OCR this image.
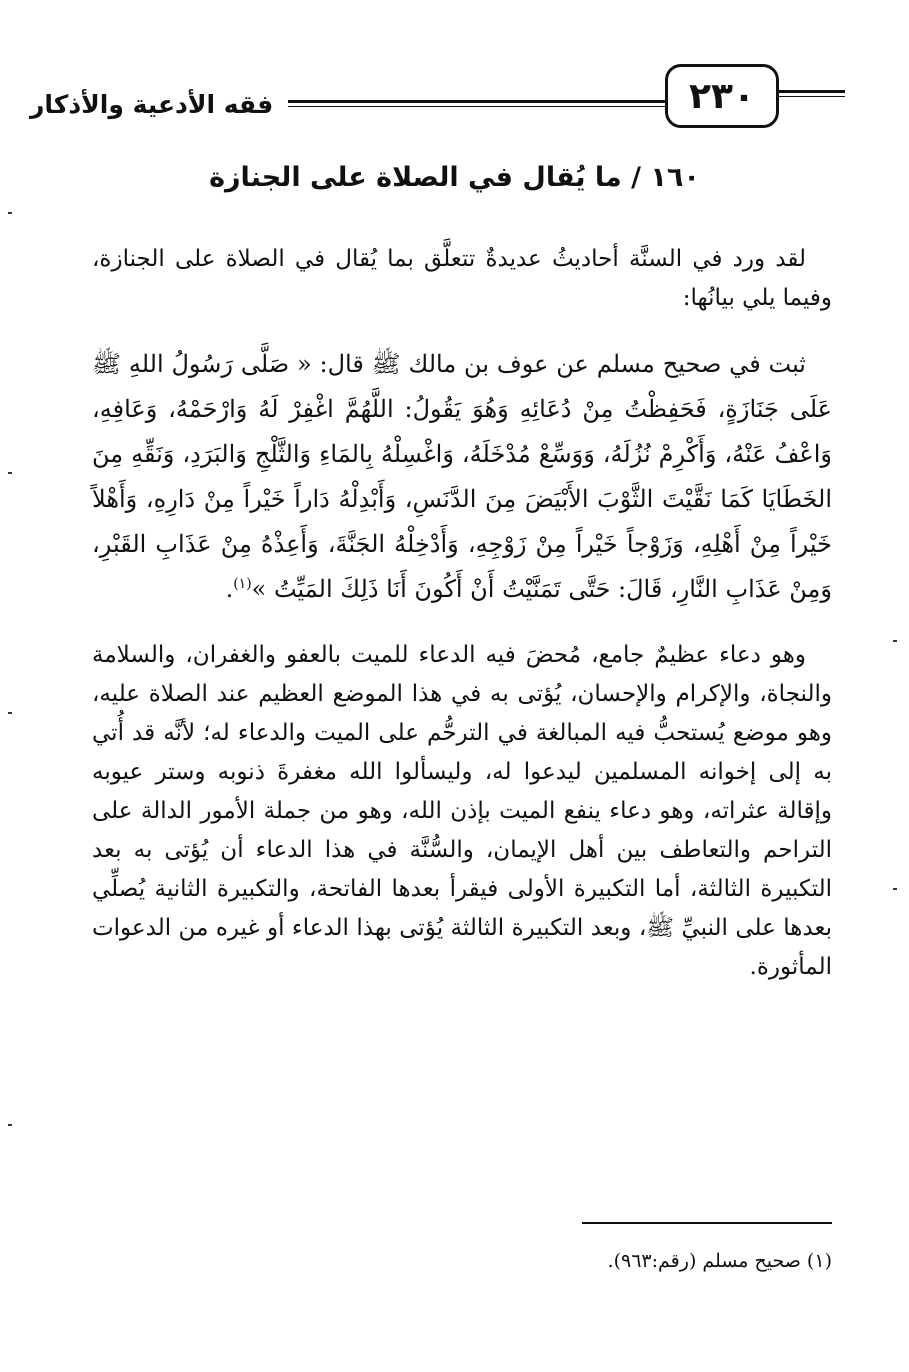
فقه الأدعية والأذكار	٢٣٠
١٦٠ / ما يُقال في الصلاة على الجنازة

لقد ورد في السنَّة أحاديثُ عديدةٌ تتعلَّق بما يُقال في الصلاة على الجنازة، وفيما يلي بيانُها:

ثبت في صحيح مسلم عن عوف بن مالك ﷺ قال: « صَلَّى رَسُولُ اللهِ ﷺ عَلَى جَنَازَةٍ، فَحَفِظْتُ مِنْ دُعَائِهِ وَهُوَ يَقُولُ: اللَّهُمَّ اغْفِرْ لَهُ وَارْحَمْهُ، وَعَافِهِ، وَاعْفُ عَنْهُ، وَأَكْرِمْ نُزُلَهُ، وَوَسِّعْ مُدْخَلَهُ، وَاغْسِلْهُ بِالمَاءِ وَالثَّلْجِ وَالبَرَدِ، وَنَقِّهِ مِنَ الخَطَايَا كَمَا نَقَّيْتَ الثَّوْبَ الأَبْيَضَ مِنَ الدَّنَسِ، وَأَبْدِلْهُ دَاراً خَيْراً مِنْ دَارِهِ، وَأَهْلاً خَيْراً مِنْ أَهْلِهِ، وَزَوْجاً خَيْراً مِنْ زَوْجِهِ، وَأَدْخِلْهُ الجَنَّةَ، وَأَعِذْهُ مِنْ عَذَابِ القَبْرِ، وَمِنْ عَذَابِ النَّارِ، قَالَ: حَتَّى تَمَنَّيْتُ أَنْ أَكُونَ أَنَا ذَلِكَ المَيِّتُ »$^{(١)}$.

وهو دعاء عظيمٌ جامع، مُحضَ فيه الدعاء للميت بالعفو والغفران، والسلامة والنجاة، والإكرام والإحسان، يُؤتى به في هذا الموضع العظيم عند الصلاة عليه، وهو موضع يُستحبُّ فيه المبالغة في الترحُّم على الميت والدعاء له؛ لأنَّه قد أُتي به إلى إخوانه المسلمين ليدعوا له، وليسألوا الله مغفرةَ ذنوبه وستر عيوبه وإقالة عثراته، وهو دعاء ينفع الميت بإذن الله، وهو من جملة الأمور الدالة على التراحم والتعاطف بين أهل الإيمان، والسُّنَّة في هذا الدعاء أن يُؤتى به بعد التكبيرة الثالثة، أما التكبيرة الأولى فيقرأ بعدها الفاتحة، والتكبيرة الثانية يُصلِّي بعدها على النبيِّ ﷺ، وبعد التكبيرة الثالثة يُؤتى بهذا الدعاء أو غيره من الدعوات المأثورة.

(١) صحيح مسلم (رقم:٩٦٣).
